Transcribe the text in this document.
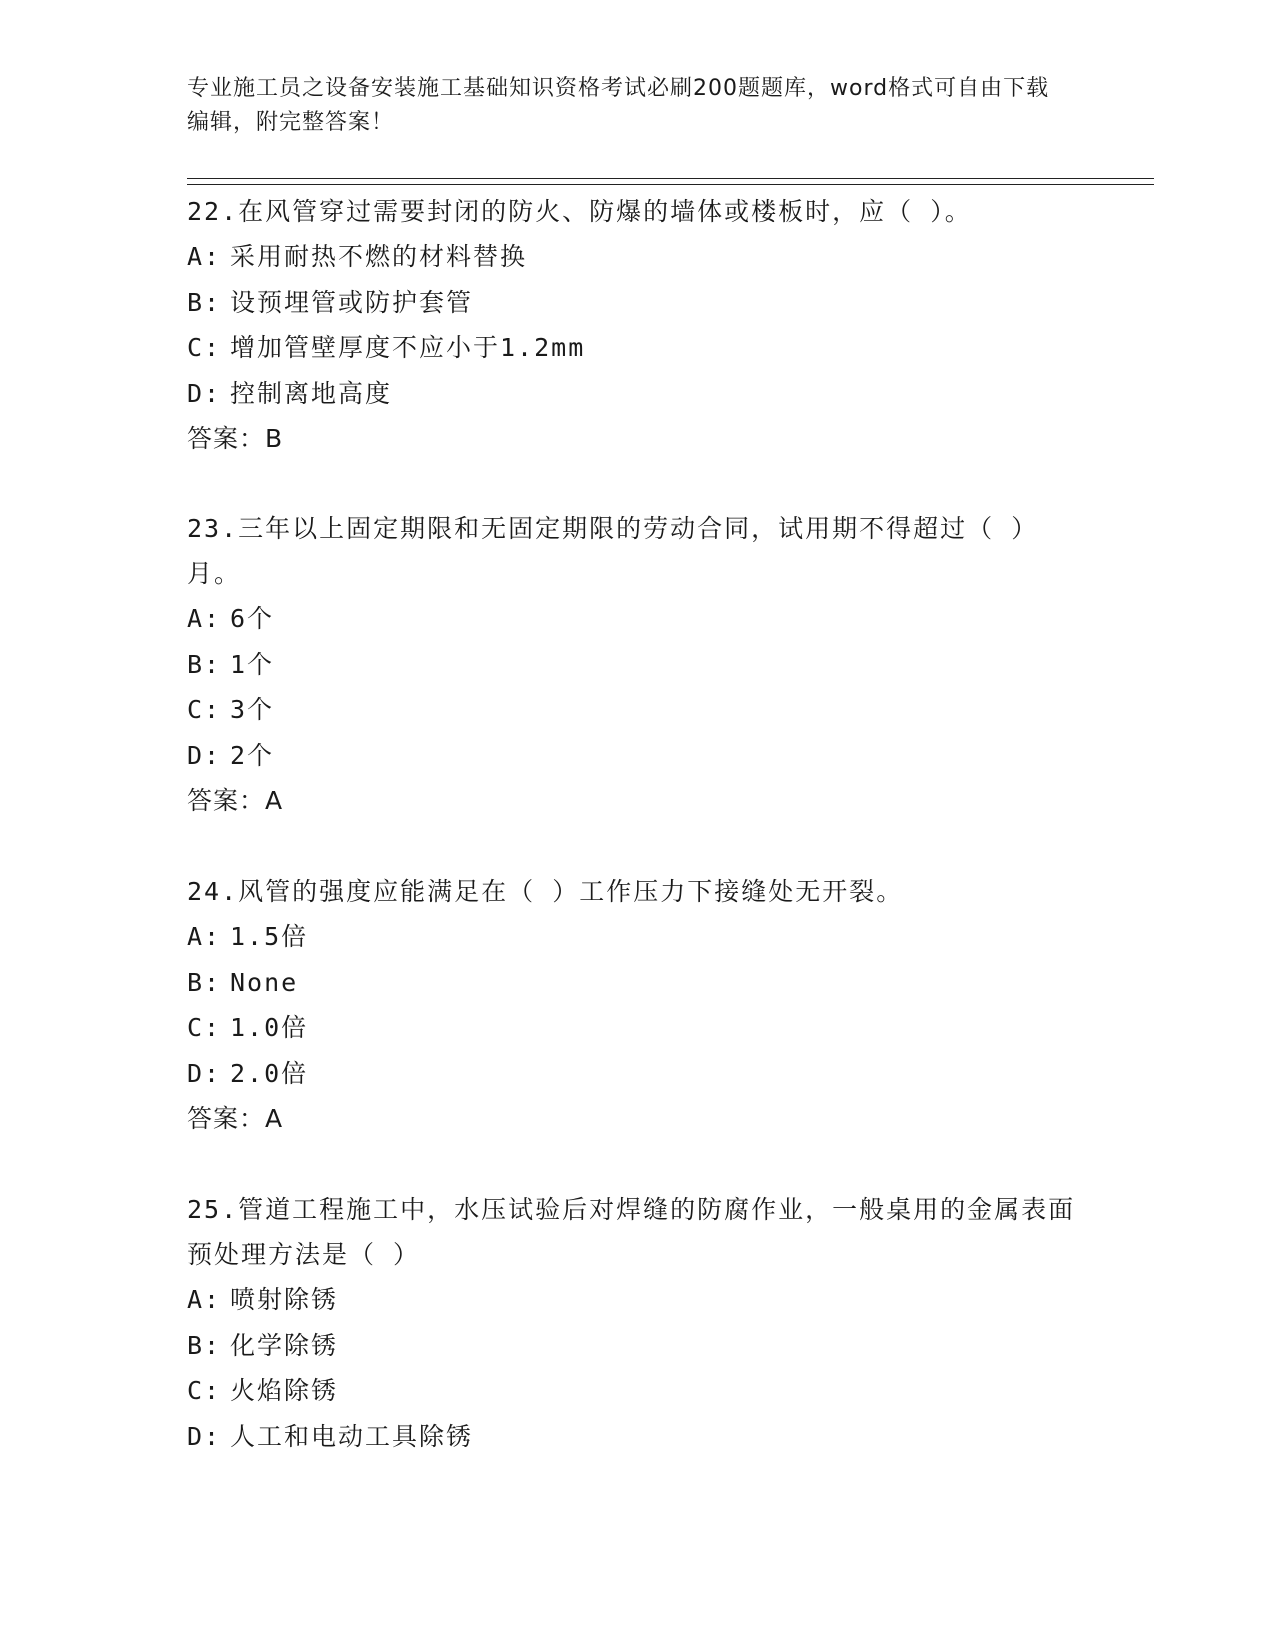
专业施工员之设备安装施工基础知识资格考试必刷200题题库，word格式可自由下载编辑，附完整答案！

22.在风管穿过需要封闭的防火、防爆的墙体或楼板时，应（ ）。

A: 采用耐热不燃的材料替换

B: 设预埋管或防护套管

C: 增加管壁厚度不应小于1.2mm

D: 控制离地高度

答案：B

23.三年以上固定期限和无固定期限的劳动合同，试用期不得超过（ ）月。

A: 6个

B: 1个

C: 3个

D: 2个

答案：A

24.风管的强度应能满足在（ ）工作压力下接缝处无开裂。

A: 1.5倍

B: None

C: 1.0倍

D: 2.0倍

答案：A

25.管道工程施工中，水压试验后对焊缝的防腐作业，一般桌用的金属表面预处理方法是（ ）

A: 喷射除锈

B: 化学除锈

C: 火焰除锈

D: 人工和电动工具除锈
